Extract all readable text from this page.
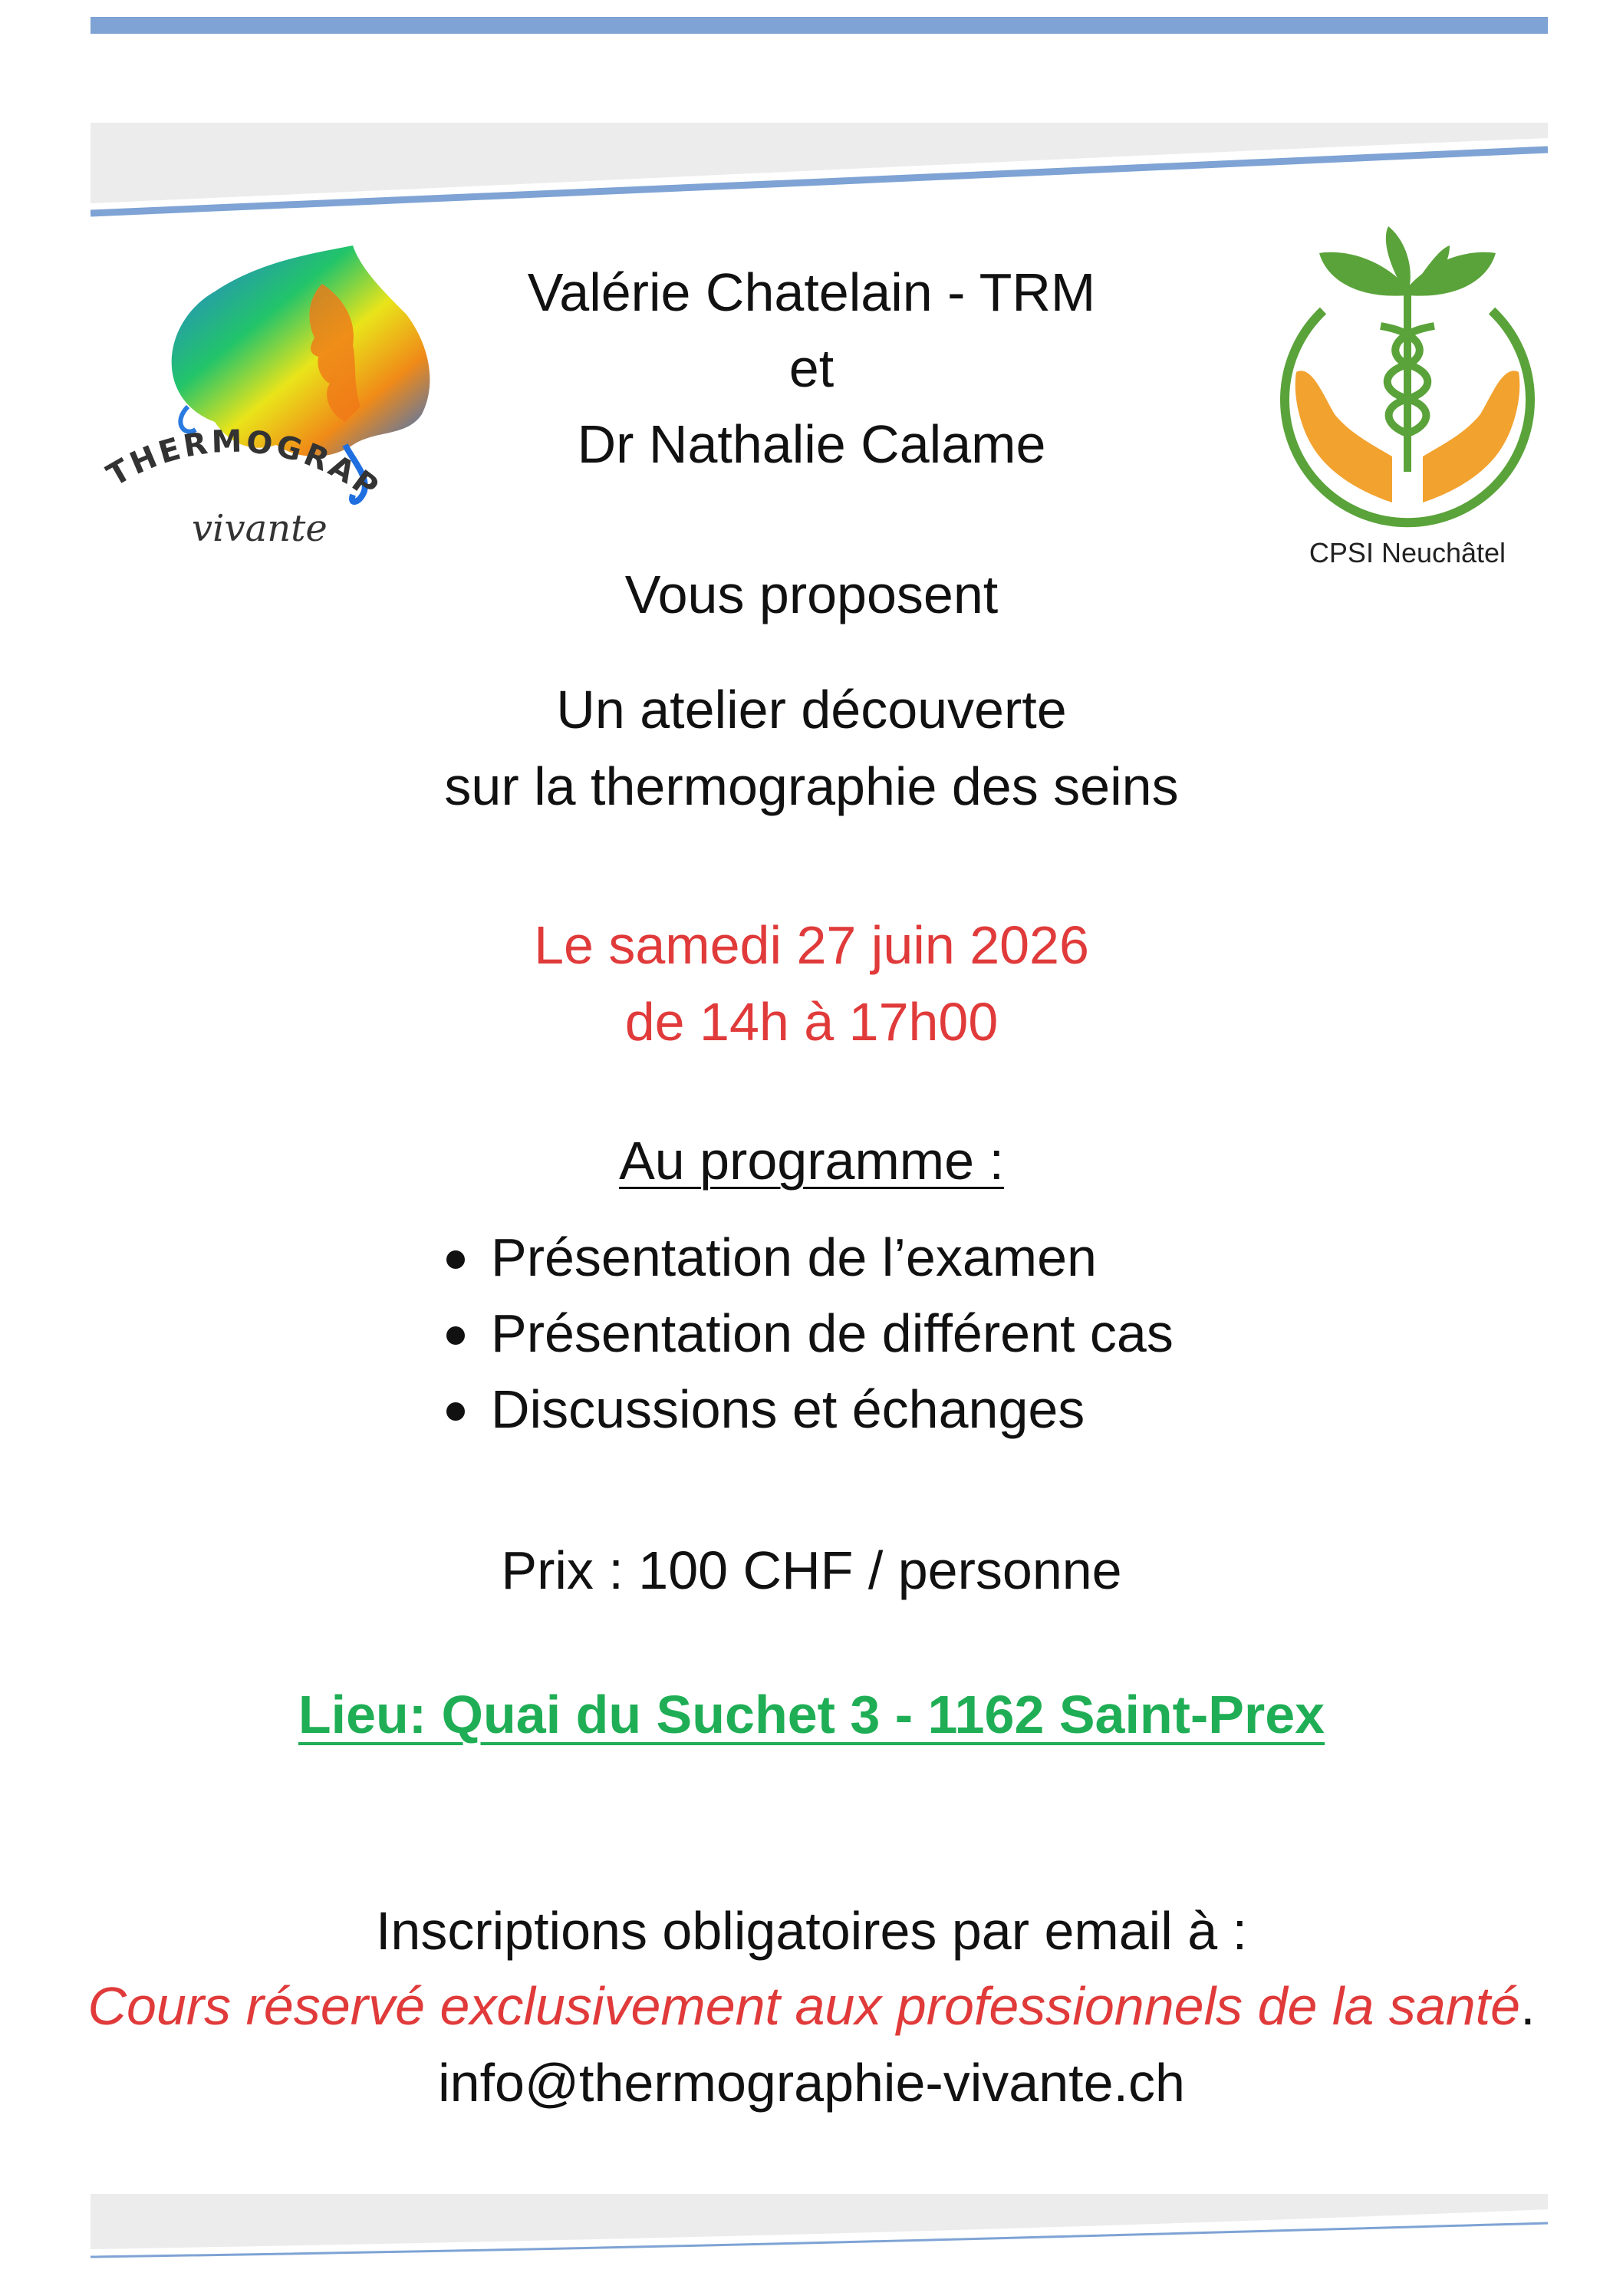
THERMOGRAP
vivante
CPSI Neuchâtel
Valérie Chatelain - TRM
et
Dr Nathalie Calame
Vous proposent
Un atelier découverte
sur la thermographie des seins
Le samedi 27 juin 2026
de 14h à 17h00
Au programme :
Présentation de l’examen
Présentation de différent cas
Discussions et échanges
Prix : 100 CHF / personne
Lieu: Quai du Suchet 3 - 1162 Saint-Prex
Inscriptions obligatoires par email à :
Cours réservé exclusivement aux professionnels de la santé.
info@thermographie-vivante.ch
